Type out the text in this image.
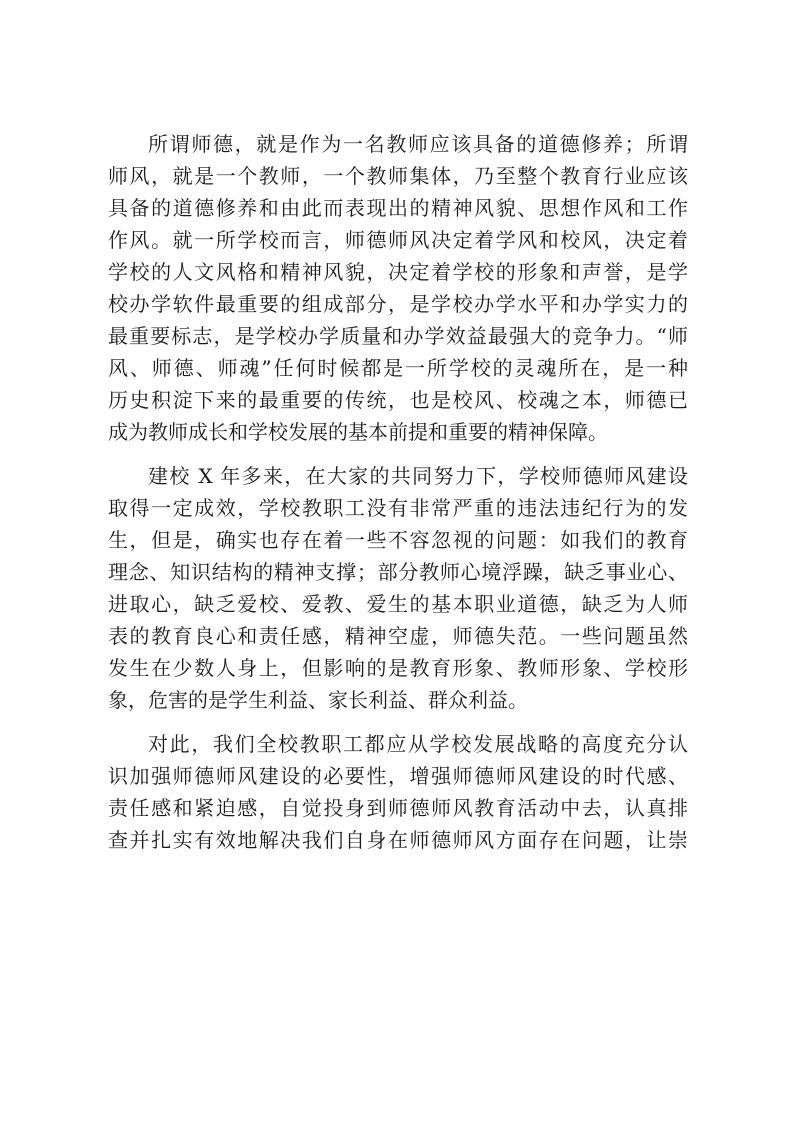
所谓师德，就是作为一名教师应该具备的道德修养；所谓
师风，就是一个教师，一个教师集体，乃至整个教育行业应该
具备的道德修养和由此而表现出的精神风貌、思想作风和工作
作风。就一所学校而言，师德师风决定着学风和校风，决定着
学校的人文风格和精神风貌，决定着学校的形象和声誉，是学
校办学软件最重要的组成部分，是学校办学水平和办学实力的
最重要标志，是学校办学质量和办学效益最强大的竞争力。“师
风、师德、师魂”任何时候都是一所学校的灵魂所在，是一种
历史积淀下来的最重要的传统，也是校风、校魂之本，师德已
成为教师成长和学校发展的基本前提和重要的精神保障。
建校 X 年多来，在大家的共同努力下，学校师德师风建设
取得一定成效，学校教职工没有非常严重的违法违纪行为的发
生，但是，确实也存在着一些不容忽视的问题：如我们的教育
理念、知识结构的精神支撑；部分教师心境浮躁，缺乏事业心、
进取心，缺乏爱校、爱教、爱生的基本职业道德，缺乏为人师
表的教育良心和责任感，精神空虚，师德失范。一些问题虽然
发生在少数人身上，但影响的是教育形象、教师形象、学校形
象，危害的是学生利益、家长利益、群众利益。
对此，我们全校教职工都应从学校发展战略的高度充分认
识加强师德师风建设的必要性，增强师德师风建设的时代感、
责任感和紧迫感，自觉投身到师德师风教育活动中去，认真排
查并扎实有效地解决我们自身在师德师风方面存在问题，让崇
